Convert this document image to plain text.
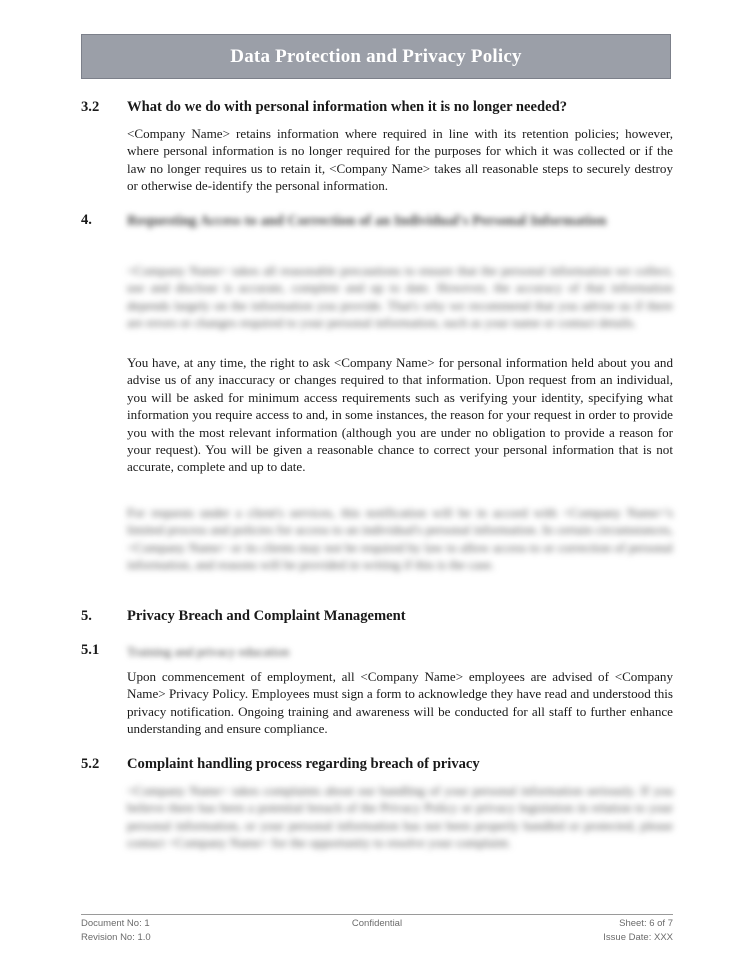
Data Protection and Privacy Policy
3.2 What do we do with personal information when it is no longer needed?
<Company Name> retains information where required in line with its retention policies; however, where personal information is no longer required for the purposes for which it was collected or if the law no longer requires us to retain it, <Company Name> takes all reasonable steps to securely destroy or otherwise de-identify the personal information.
4.	Requesting Access to and Correction of an Individual's Personal Information
<Company Name> takes all reasonable precautions to ensure that the personal information we collect, use and disclose is accurate, complete and up to date. However, the accuracy of that information depends largely on the information you provide. That's why we recommend that you advise us if there are errors or changes required to your personal information, such as your name or contact details.
You have, at any time, the right to ask <Company Name> for personal information held about you and advise us of any inaccuracy or changes required to that information. Upon request from an individual, you will be asked for minimum access requirements such as verifying your identity, specifying what information you require access to and, in some instances, the reason for your request in order to provide you with the most relevant information (although you are under no obligation to provide a reason for your request). You will be given a reasonable chance to correct your personal information that is not accurate, complete and up to date.
For requests under a client's services, this notification will be in accord with <Company Name>'s limited process and policies for access to an individual's personal information. In certain circumstances, <Company Name> or its clients may not be required by law to allow access to or correction of personal information, and reasons will be provided in writing if this is the case.
5. Privacy Breach and Complaint Management
5.1	Training and privacy education
Upon commencement of employment, all <Company Name> employees are advised of <Company Name> Privacy Policy. Employees must sign a form to acknowledge they have read and understood this privacy notification. Ongoing training and awareness will be conducted for all staff to further enhance understanding and ensure compliance.
5.2 Complaint handling process regarding breach of privacy
<Company Name> takes complaints about our handling of your personal information seriously. If you believe there has been a potential breach of the Privacy Policy or privacy legislation in relation to your personal information, or your personal information has not been properly handled or protected, please contact <Company Name> for the opportunity to resolve your complaint.
Document No: 1	Confidential	Sheet: 6 of 7
Revision No: 1.0	Issue Date: XXX
